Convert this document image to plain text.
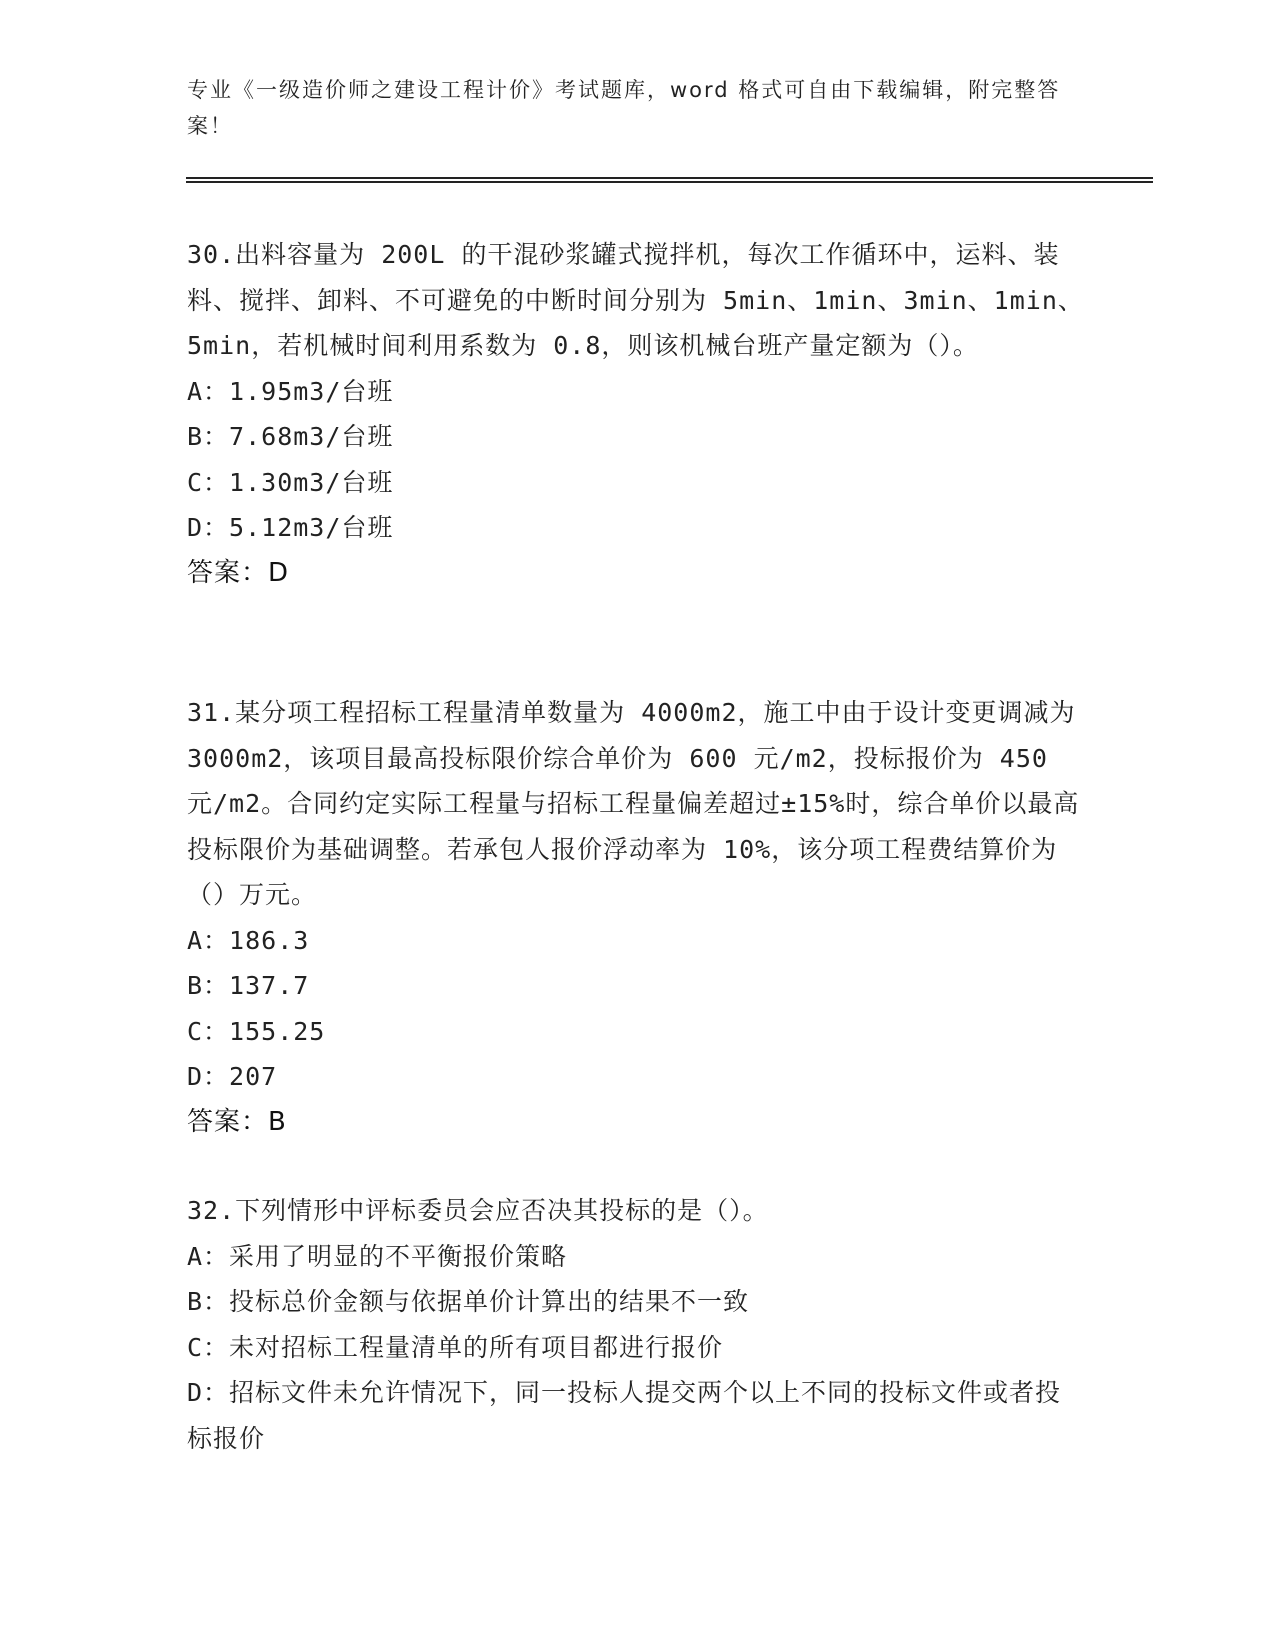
专业《一级造价师之建设工程计价》考试题库，word 格式可自由下载编辑，附完整答案！

30.出料容量为 200L 的干混砂浆罐式搅拌机，每次工作循环中，运料、装料、搅拌、卸料、不可避免的中断时间分别为 5min、1min、3min、1min、5min，若机械时间利用系数为 0.8，则该机械台班产量定额为（）。

A：1.95m3/台班

B：7.68m3/台班

C：1.30m3/台班

D：5.12m3/台班

答案：D

31.某分项工程招标工程量清单数量为 4000m2，施工中由于设计变更调减为 3000m2，该项目最高投标限价综合单价为 600 元/m2，投标报价为 450 元/m2。合同约定实际工程量与招标工程量偏差超过±15%时，综合单价以最高投标限价为基础调整。若承包人报价浮动率为 10%，该分项工程费结算价为（）万元。

A：186.3

B：137.7

C：155.25

D：207

答案：B

32.下列情形中评标委员会应否决其投标的是（）。

A：采用了明显的不平衡报价策略

B：投标总价金额与依据单价计算出的结果不一致

C：未对招标工程量清单的所有项目都进行报价

D：招标文件未允许情况下，同一投标人提交两个以上不同的投标文件或者投标报价
